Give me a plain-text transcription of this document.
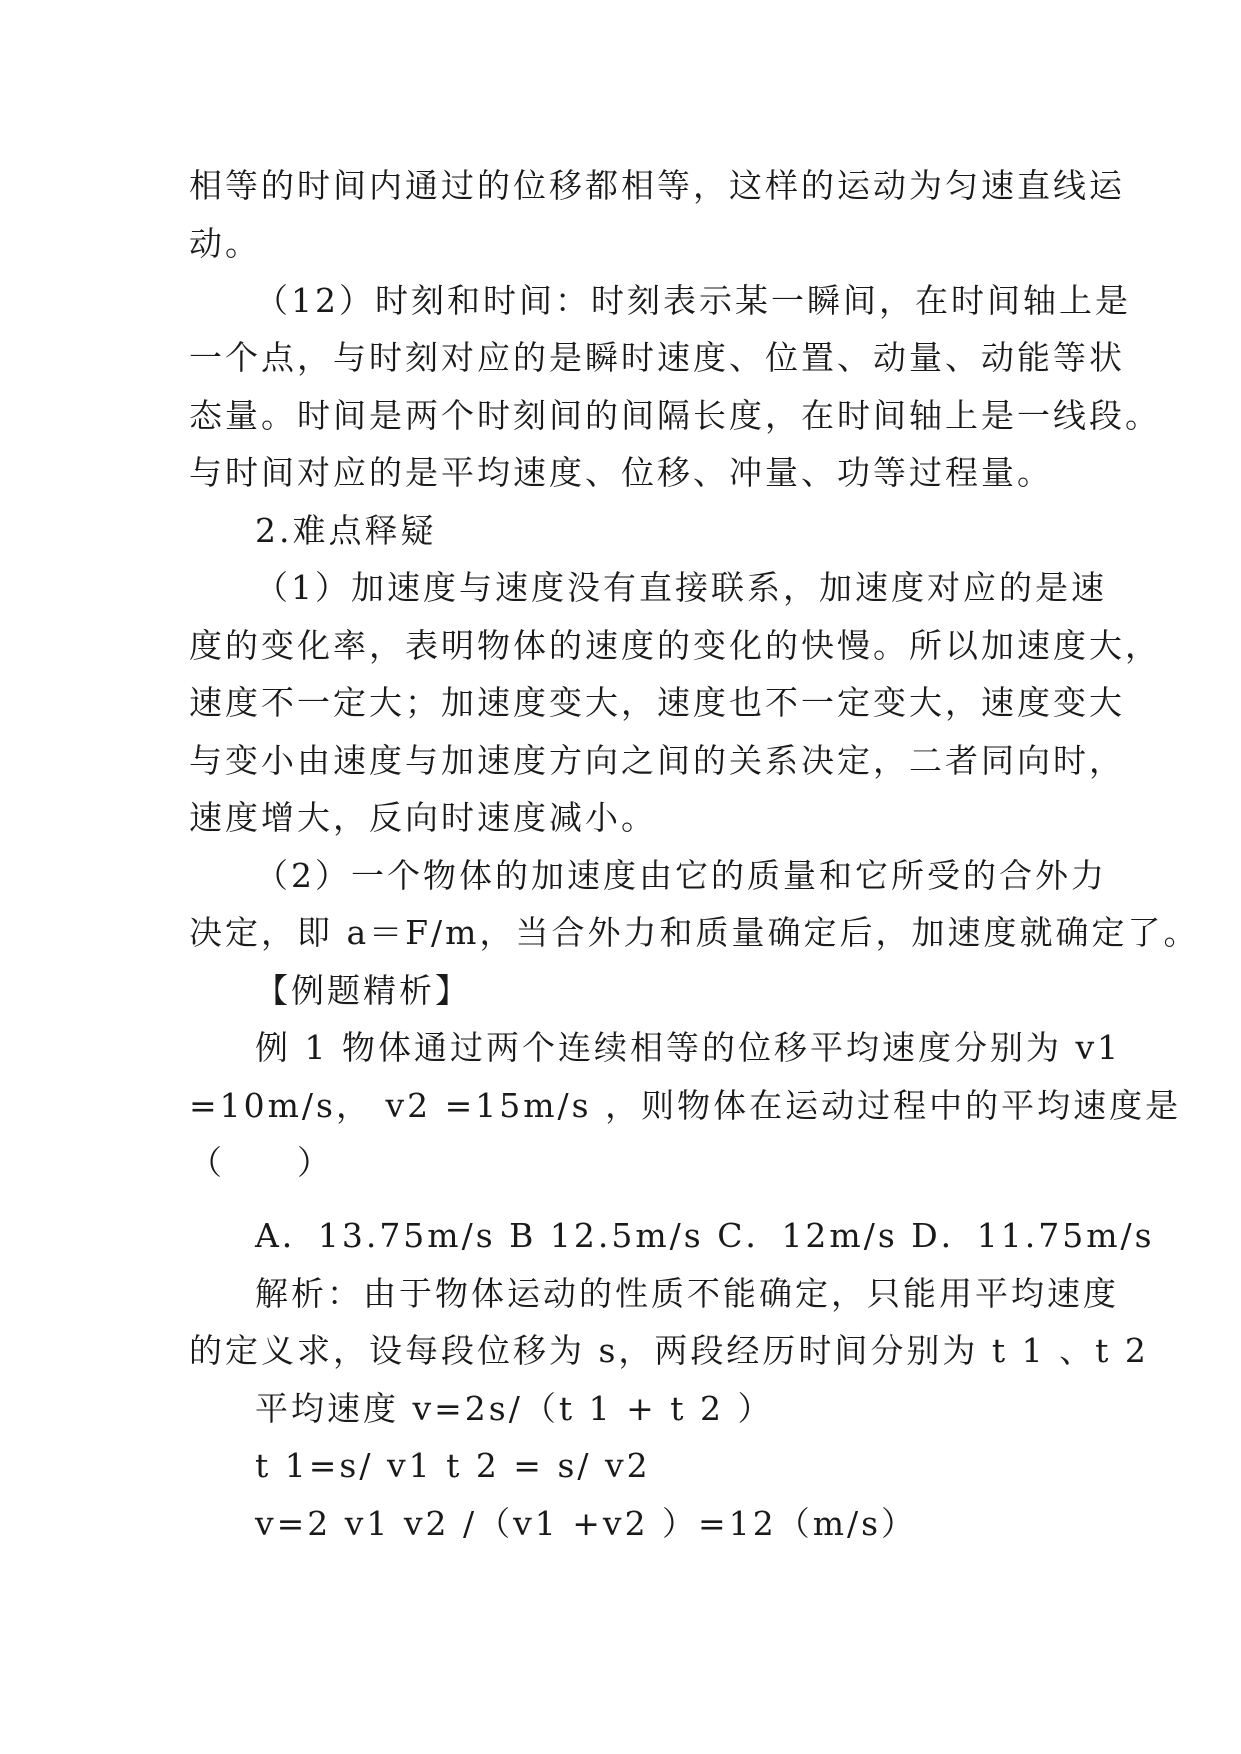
相等的时间内通过的位移都相等，这样的运动为匀速直线运
动。
（12）时刻和时间：时刻表示某一瞬间，在时间轴上是
一个点，与时刻对应的是瞬时速度、位置、动量、动能等状
态量。时间是两个时刻间的间隔长度，在时间轴上是一线段。
与时间对应的是平均速度、位移、冲量、功等过程量。
2.难点释疑
（1）加速度与速度没有直接联系，加速度对应的是速
度的变化率，表明物体的速度的变化的快慢。所以加速度大，
速度不一定大；加速度变大，速度也不一定变大，速度变大
与变小由速度与加速度方向之间的关系决定，二者同向时，
速度增大，反向时速度减小。
（2）一个物体的加速度由它的质量和它所受的合外力
决定，即 a＝F/m，当合外力和质量确定后，加速度就确定了。
【例题精析】
例 1 物体通过两个连续相等的位移平均速度分别为 v1
=10m/s， v2 =15m/s ，则物体在运动过程中的平均速度是
（　　）
A．13.75m/s B 12.5m/s C．12m/s D．11.75m/s
解析：由于物体运动的性质不能确定，只能用平均速度
的定义求，设每段位移为 s，两段经历时间分别为 t 1 、t 2
平均速度 v=2s/（t 1 + t 2 ）
t 1=s/ v1 t 2 = s/ v2
v=2 v1 v2 /（v1 +v2 ）=12（m/s）
